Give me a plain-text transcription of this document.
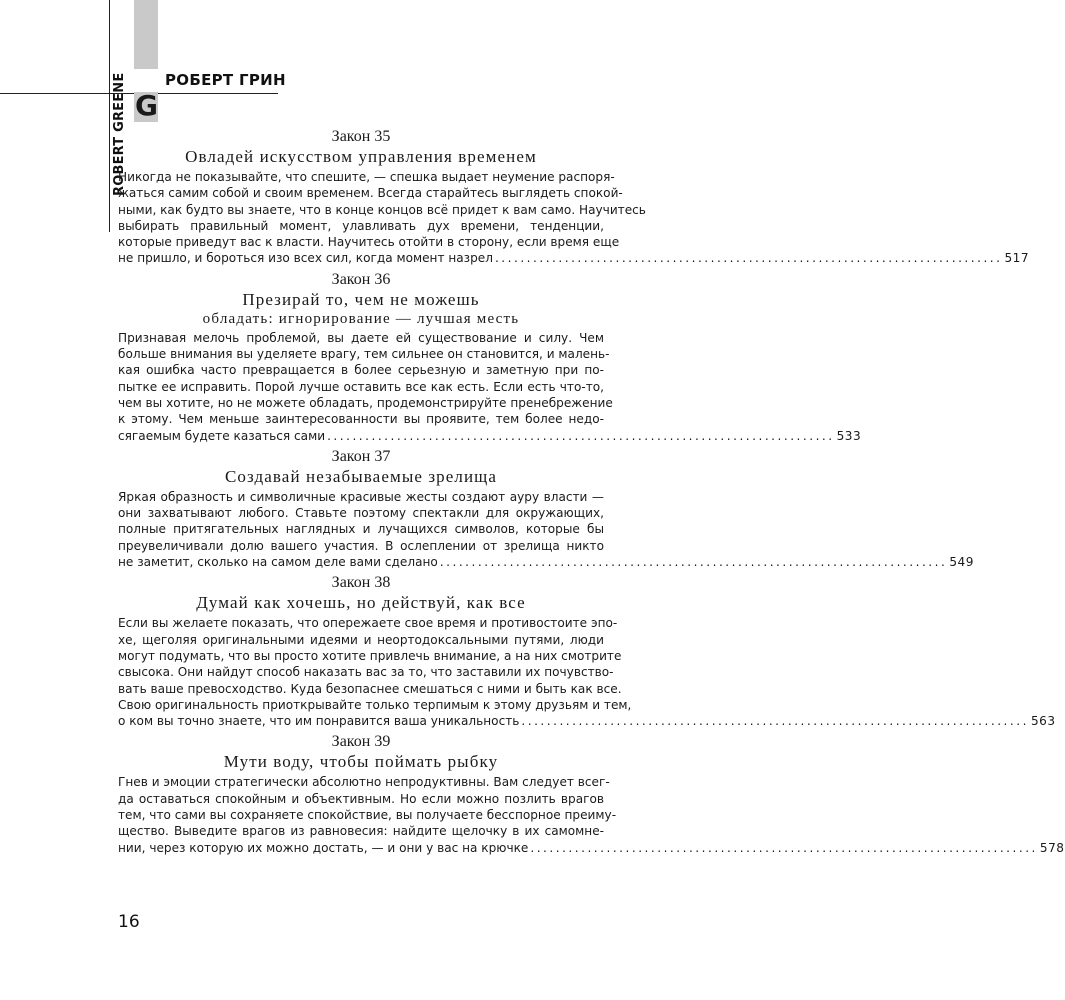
РОБЕРТ ГРИН
G
ROBERT GREENE	Закон 35
Овладей искусством управления временем
Никогда не показывайте, что спешите, — спешка выдает неумение распоря-
жаться самим собой и своим временем. Всегда старайтесь выглядеть спокой-
ными, как будто вы знаете, что в конце концов всё придет к вам само. Научитесь
выбирать правильный момент, улавливать дух времени, тенденции,
которые приведут вас к власти. Научитесь отойти в сторону, если время еще
не пришло, и бороться изо всех сил, когда момент назрел ................................................................................ 517
Закон 36
Презирай то, чем не можешь
обладать: игнорирование — лучшая месть
Признавая мелочь проблемой, вы даете ей существование и силу. Чем
больше внимания вы уделяете врагу, тем сильнее он становится, и малень-
кая ошибка часто превращается в более серьезную и заметную при по-
пытке ее исправить. Порой лучше оставить все как есть. Если есть что-то,
чем вы хотите, но не можете обладать, продемонстрируйте пренебрежение
к этому. Чем меньше заинтересованности вы проявите, тем более недо-
сягаемым будете казаться сами ................................................................................ 533
Закон 37
Создавай незабываемые зрелища
Яркая образность и символичные красивые жесты создают ауру власти —
они захватывают любого. Ставьте поэтому спектакли для окружающих,
полные притягательных наглядных и лучащихся символов, которые бы
преувеличивали долю вашего участия. В ослеплении от зрелища никто
не заметит, сколько на самом деле вами сделано ................................................................................ 549
Закон 38
Думай как хочешь, но действуй, как все
Если вы желаете показать, что опережаете свое время и противостоите эпо-
хе, щеголяя оригинальными идеями и неортодоксальными путями, люди
могут подумать, что вы просто хотите привлечь внимание, а на них смотрите
свысока. Они найдут способ наказать вас за то, что заставили их почувство-
вать ваше превосходство. Куда безопаснее смешаться с ними и быть как все.
Свою оригинальность приоткрывайте только терпимым к этому друзьям и тем,
о ком вы точно знаете, что им понравится ваша уникальность ................................................................................ 563
Закон 39
Мути воду, чтобы поймать рыбку
Гнев и эмоции стратегически абсолютно непродуктивны. Вам следует всег-
да оставаться спокойным и объективным. Но если можно позлить врагов
тем, что сами вы сохраняете спокойствие, вы получаете бесспорное преиму-
щество. Выведите врагов из равновесия: найдите щелочку в их самомне-
нии, через которую их можно достать, — и они у вас на крючке ................................................................................ 578
16
